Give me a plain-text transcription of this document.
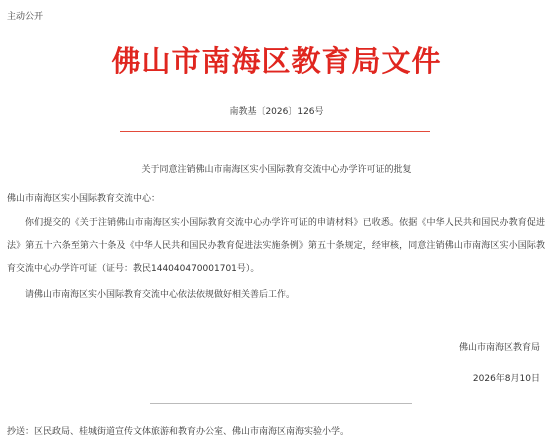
主动公开
佛山市南海区教育局文件
南教基〔2026〕126号
关于同意注销佛山市南海区实小国际教育交流中心办学许可证的批复
佛山市南海区实小国际教育交流中心：
你们提交的《关于注销佛山市南海区实小国际教育交流中心办学许可证的申请材料》已收悉。依据《中华人民共和国民办教育促进法》第五十六条至第六十条及《中华人民共和国民办教育促进法实施条例》第五十条规定，经审核，同意注销佛山市南海区实小国际教育交流中心办学许可证（证号：教民144040470001701号）。
请佛山市南海区实小国际教育交流中心依法依规做好相关善后工作。
佛山市南海区教育局
2026年8月10日
抄送：区民政局、桂城街道宣传文体旅游和教育办公室、佛山市南海区南海实验小学。
